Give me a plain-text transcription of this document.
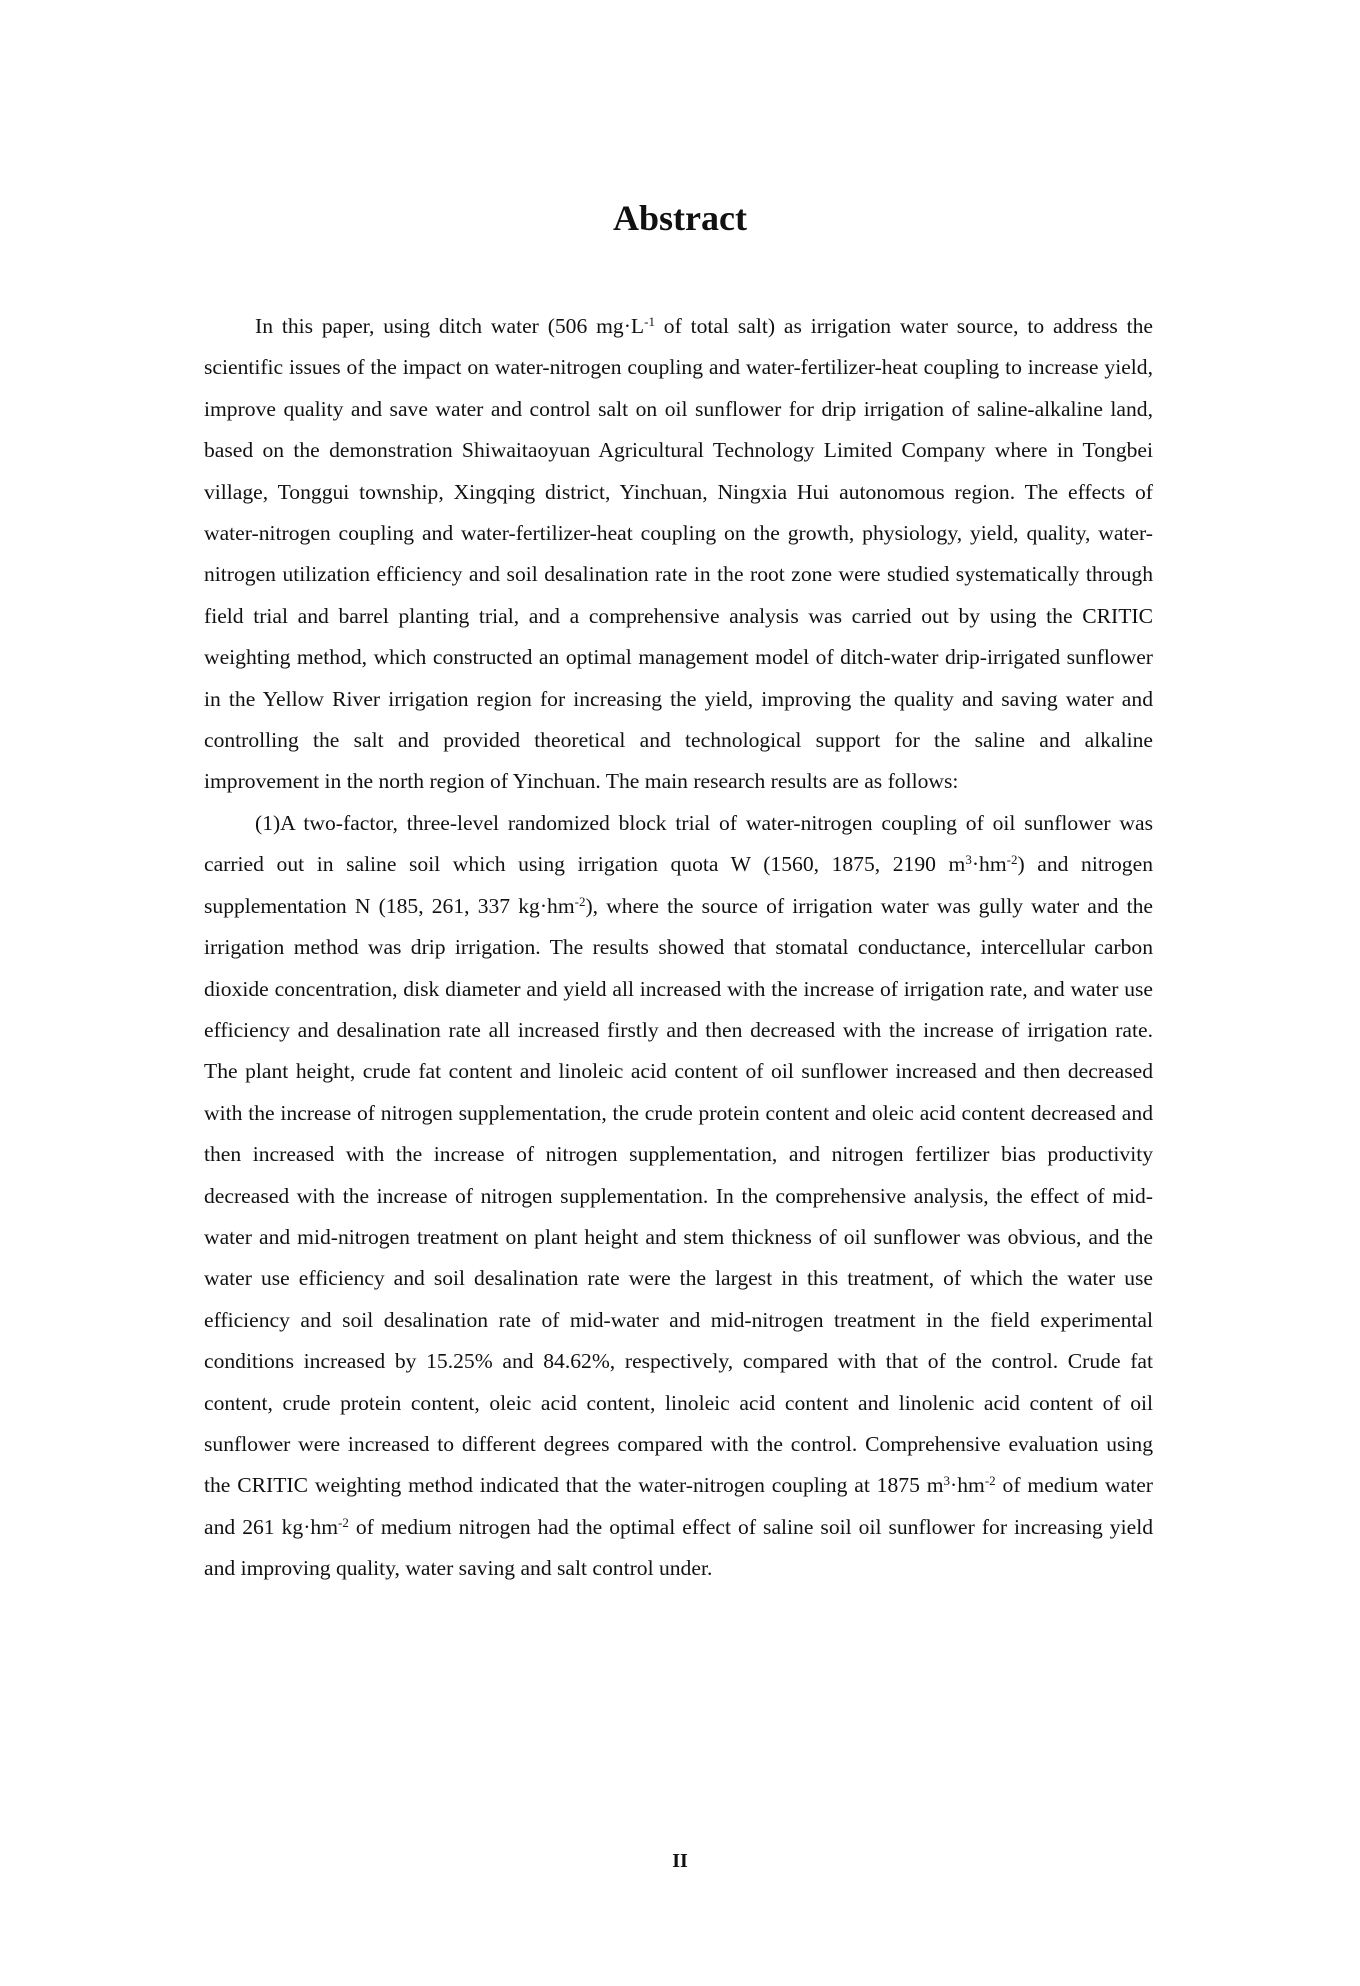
Abstract

In this paper, using ditch water (506 $mg\cdot L^{-1}$ of total salt) as irrigation water source, to address the scientific issues of the impact on water-nitrogen coupling and water-fertilizer-heat coupling to increase yield, improve quality and save water and control salt on oil sunflower for drip irrigation of saline-alkaline land, based on the demonstration Shiwaitaoyuan Agricultural Technology Limited Company where in Tongbei village, Tonggui township, Xingqing district, Yinchuan, Ningxia Hui autonomous region. The effects of water-nitrogen coupling and water-fertilizer-heat coupling on the growth, physiology, yield, quality, water-nitrogen utilization efficiency and soil desalination rate in the root zone were studied systematically through field trial and barrel planting trial, and a comprehensive analysis was carried out by using the CRITIC weighting method, which constructed an optimal management model of ditch-water drip-irrigated sunflower in the Yellow River irrigation region for increasing the yield, improving the quality and saving water and controlling the salt and provided theoretical and technological support for the saline and alkaline improvement in the north region of Yinchuan. The main research results are as follows:

(1)A two-factor, three-level randomized block trial of water-nitrogen coupling of oil sunflower was carried out in saline soil which using irrigation quota W (1560, 1875, 2190 $m^3\cdot hm^{-2}$) and nitrogen supplementation N (185, 261, 337 $kg\cdot hm^{-2}$), where the source of irrigation water was gully water and the irrigation method was drip irrigation. The results showed that stomatal conductance, intercellular carbon dioxide concentration, disk diameter and yield all increased with the increase of irrigation rate, and water use efficiency and desalination rate all increased firstly and then decreased with the increase of irrigation rate. The plant height, crude fat content and linoleic acid content of oil sunflower increased and then decreased with the increase of nitrogen supplementation, the crude protein content and oleic acid content decreased and then increased with the increase of nitrogen supplementation, and nitrogen fertilizer bias productivity decreased with the increase of nitrogen supplementation. In the comprehensive analysis, the effect of mid-water and mid-nitrogen treatment on plant height and stem thickness of oil sunflower was obvious, and the water use efficiency and soil desalination rate were the largest in this treatment, of which the water use efficiency and soil desalination rate of mid-water and mid-nitrogen treatment in the field experimental conditions increased by 15.25% and 84.62%, respectively, compared with that of the control. Crude fat content, crude protein content, oleic acid content, linoleic acid content and linolenic acid content of oil sunflower were increased to different degrees compared with the control. Comprehensive evaluation using the CRITIC weighting method indicated that the water-nitrogen coupling at 1875 $m^3\cdot hm^{-2}$ of medium water and 261 $kg\cdot hm^{-2}$ of medium nitrogen had the optimal effect of saline soil oil sunflower for increasing yield and improving quality, water saving and salt control under.

II
